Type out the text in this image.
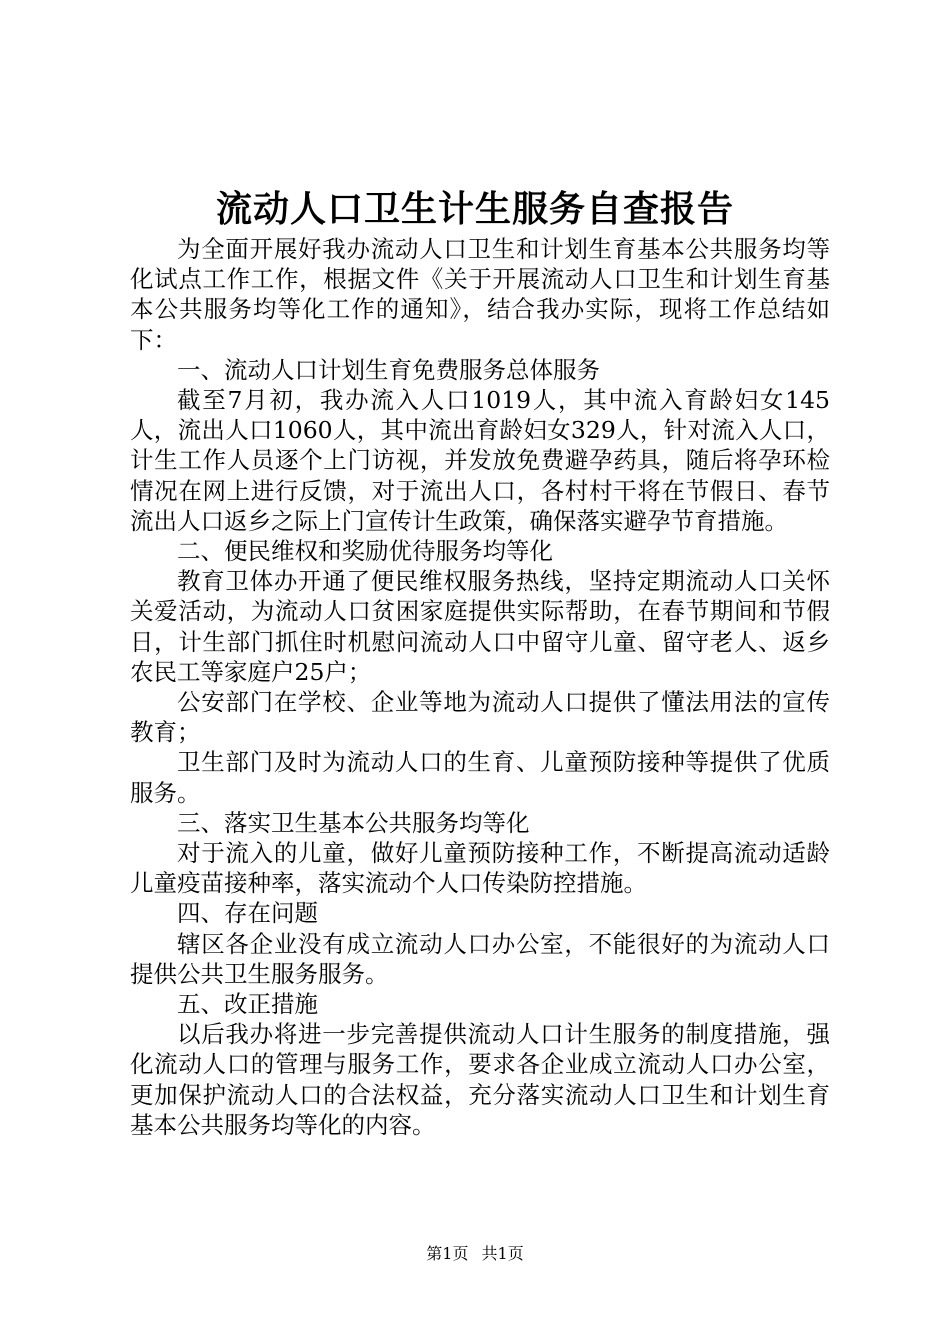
流动人口卫生计生服务自查报告

为全面开展好我办流动人口卫生和计划生育基本公共服务均等化试点工作工作，根据文件《关于开展流动人口卫生和计划生育基本公共服务均等化工作的通知》，结合我办实际，现将工作总结如下：

一、流动人口计划生育免费服务总体服务

截至7月初，我办流入人口1019人，其中流入育龄妇女145人，流出人口1060人，其中流出育龄妇女329人，针对流入人口，计生工作人员逐个上门访视，并发放免费避孕药具，随后将孕环检情况在网上进行反馈，对于流出人口，各村村干将在节假日、春节流出人口返乡之际上门宣传计生政策，确保落实避孕节育措施。

二、便民维权和奖励优待服务均等化

教育卫体办开通了便民维权服务热线，坚持定期流动人口关怀关爱活动，为流动人口贫困家庭提供实际帮助，在春节期间和节假日，计生部门抓住时机慰问流动人口中留守儿童、留守老人、返乡农民工等家庭户25户；

公安部门在学校、企业等地为流动人口提供了懂法用法的宣传教育；

卫生部门及时为流动人口的生育、儿童预防接种等提供了优质服务。

三、落实卫生基本公共服务均等化

对于流入的儿童，做好儿童预防接种工作，不断提高流动适龄儿童疫苗接种率，落实流动个人口传染防控措施。

四、存在问题

辖区各企业没有成立流动人口办公室，不能很好的为流动人口提供公共卫生服务服务。

五、改正措施

以后我办将进一步完善提供流动人口计生服务的制度措施，强化流动人口的管理与服务工作，要求各企业成立流动人口办公室，更加保护流动人口的合法权益，充分落实流动人口卫生和计划生育基本公共服务均等化的内容。

第1页 共1页
